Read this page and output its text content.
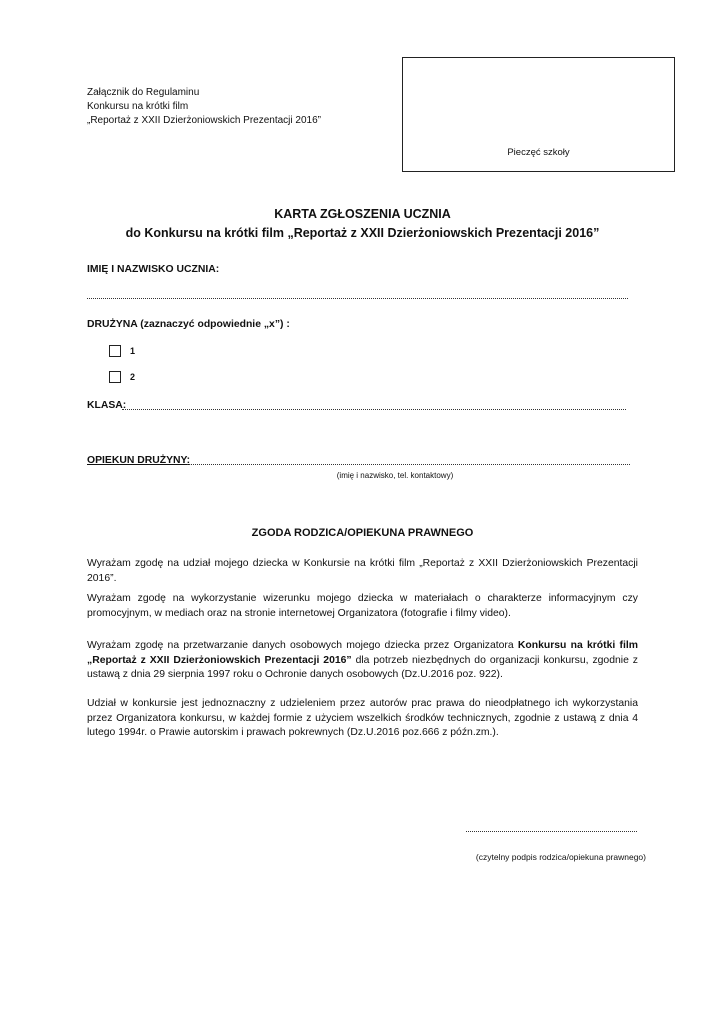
Załącznik do Regulaminu
Konkursu na krótki film
„Reportaż z XXII Dzierżoniowskich Prezentacji 2016”
Pieczęć szkoły
KARTA ZGŁOSZENIA UCZNIA
do Konkursu na krótki film „Reportaż z XXII Dzierżoniowskich Prezentacji 2016”
IMIĘ I NAZWISKO UCZNIA:
DRUŻYNA (zaznaczyć odpowiednie „x”) :
1
2
KLASA:
OPIEKUN DRUŻYNY:
(imię i nazwisko, tel. kontaktowy)
ZGODA RODZICA/OPIEKUNA PRAWNEGO
Wyrażam zgodę na udział mojego dziecka w Konkursie na krótki film „Reportaż z XXII Dzierżoniowskich Prezentacji 2016”.
Wyrażam zgodę na wykorzystanie wizerunku mojego dziecka w materiałach o charakterze informacyjnym czy promocyjnym, w mediach oraz na stronie internetowej Organizatora (fotografie i filmy video).
Wyrażam zgodę na przetwarzanie danych osobowych mojego dziecka przez Organizatora Konkursu na krótki film „Reportaż z XXII Dzierżoniowskich Prezentacji 2016” dla potrzeb niezbędnych do organizacji konkursu, zgodnie z ustawą z dnia 29 sierpnia 1997 roku o Ochronie danych osobowych (Dz.U.2016 poz. 922).
Udział w konkursie jest jednoznaczny z udzieleniem przez autorów prac prawa do nieodpłatnego ich wykorzystania przez Organizatora konkursu, w każdej formie z użyciem wszelkich środków technicznych, zgodnie z ustawą z dnia 4 lutego 1994r. o Prawie autorskim i prawach pokrewnych (Dz.U.2016 poz.666 z późn.zm.).
(czytelny podpis rodzica/opiekuna prawnego)
